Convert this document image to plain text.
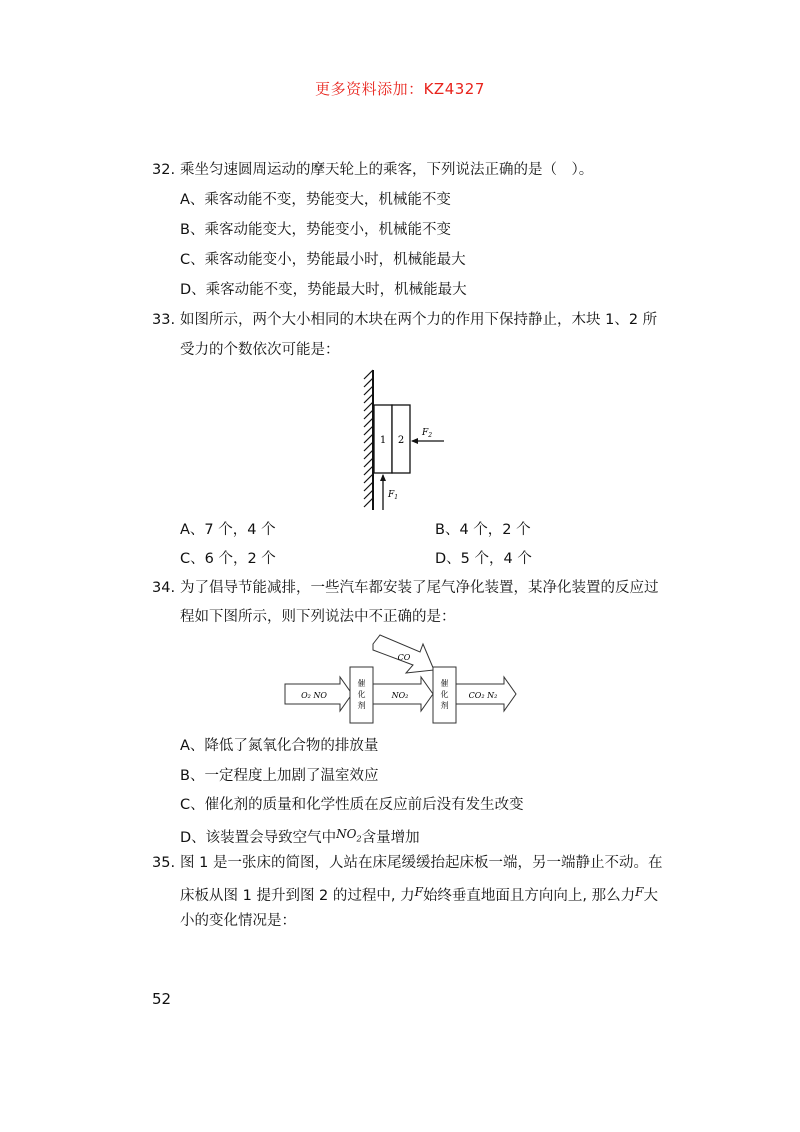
更多资料添加：KZ4327
32. 乘坐匀速圆周运动的摩天轮上的乘客，下列说法正确的是（　）。
A、乘客动能不变，势能变大，机械能不变
B、乘客动能变大，势能变小，机械能不变
C、乘客动能变小，势能最小时，机械能最大
D、乘客动能不变，势能最大时，机械能最大
33. 如图所示，两个大小相同的木块在两个力的作用下保持静止，木块 1、2 所
受力的个数依次可能是：
1 2
$F_2$
$F_1$
A、7 个，4 个	B、4 个，2 个
C、6 个，2 个	D、5 个，4 个
34. 为了倡导节能减排，一些汽车都安装了尾气净化装置，某净化装置的反应过
程如下图所示，则下列说法中不正确的是：
O₂ NO
催
化
剂
NO₂
CO
催
化
剂
CO₂ N₂
A、降低了氮氧化合物的排放量
B、一定程度上加剧了温室效应
C、催化剂的质量和化学性质在反应前后没有发生改变
D、该装置会导致空气中$^{NO_2}$含量增加
35. 图 1 是一张床的简图，人站在床尾缓缓抬起床板一端，另一端静止不动。在
床板从图 1 提升到图 2 的过程中, 力$^F$始终垂直地面且方向向上, 那么力$^F$大
小的变化情况是：
52
